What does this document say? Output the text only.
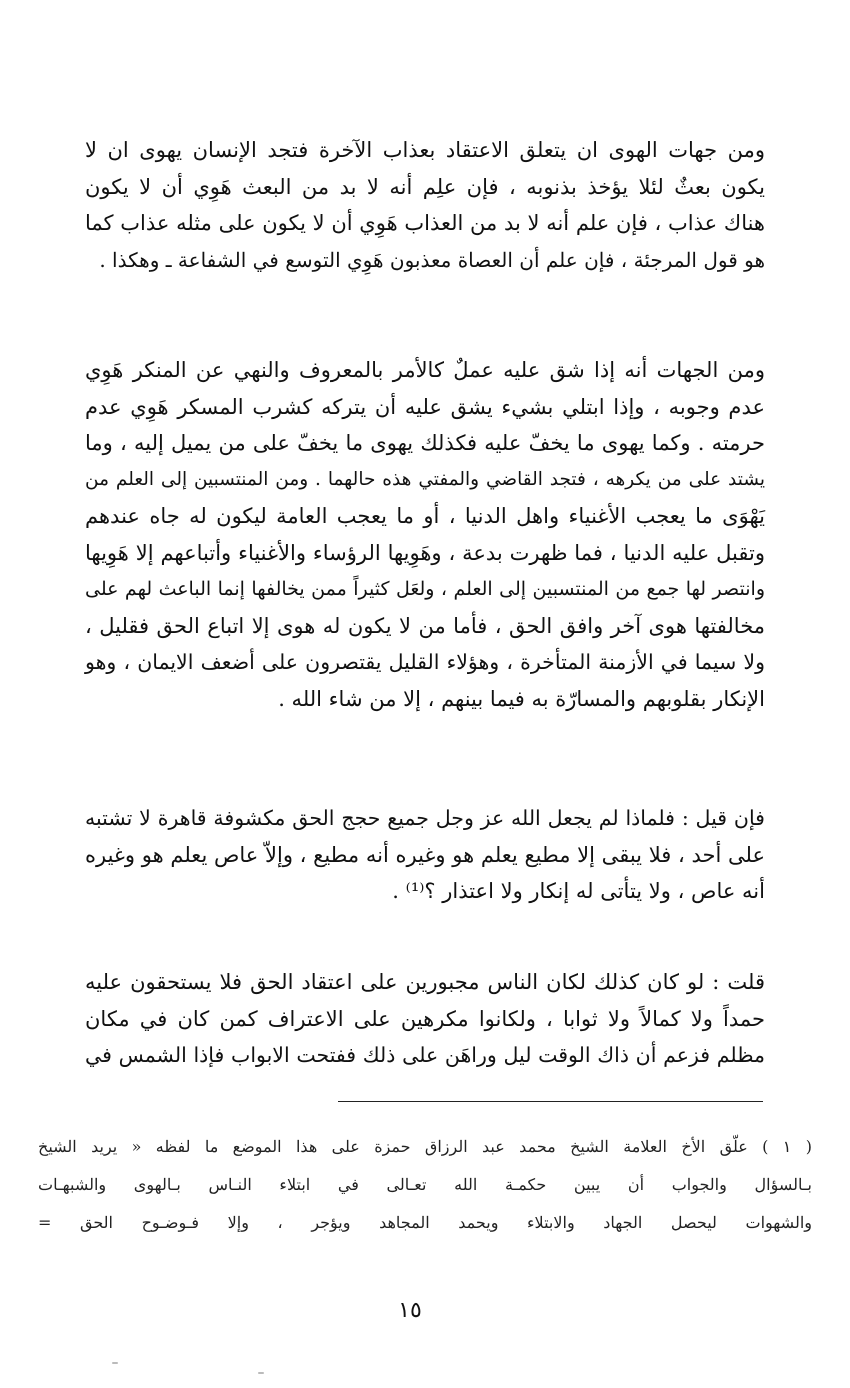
ومن جهات الهوى ان يتعلق الاعتقاد بعذاب الآخرة فتجد الإنسان يهوى ان لا
يكون بعثٌ لئلا يؤخذ بذنوبه ، فإن علِم أنه لا بد من البعث هَوِي أن لا يكون
هناك عذاب ، فإن علم أنه لا بد من العذاب هَوِي أن لا يكون على مثله عذاب كما
هو قول المرجئة ، فإن علم أن العصاة معذبون هَوِي التوسع في الشفاعة ـ وهكذا .
ومن الجهات أنه إذا شق عليه عملٌ كالأمر بالمعروف والنهي عن المنكر هَوِي
عدم وجوبه ، وإذا ابتلي بشيء يشق عليه أن يتركه كشرب المسكر هَوِي عدم
حرمته . وكما يهوى ما يخفّ عليه فكذلك يهوى ما يخفّ على من يميل إليه ، وما
يشتد على من يكرهه ، فتجد القاضي والمفتي هذه حالهما . ومن المنتسبين إلى العلم من
يَهْوَى ما يعجب الأغنياء واهل الدنيا ، أو ما يعجب العامة ليكون له جاه عندهم
وتقبل عليه الدنيا ، فما ظهرت بدعة ، وهَوِيها الرؤساء والأغنياء وأتباعهم إلا هَوِيها
وانتصر لها جمع من المنتسبين إلى العلم ، ولعَل كثيراً ممن يخالفها إنما الباعث لهم على
مخالفتها هوى آخر وافق الحق ، فأما من لا يكون له هوى إلا اتباع الحق فقليل ،
ولا سيما في الأزمنة المتأخرة ، وهؤلاء القليل يقتصرون على أضعف الايمان ، وهو
الإنكار بقلوبهم والمسارّة به فيما بينهم ، إلا من شاء الله .
فإن قيل : فلماذا لم يجعل الله عز وجل جميع حجج الحق مكشوفة قاهرة لا تشتبه
على أحد ، فلا يبقى إلا مطيع يعلم هو وغيره أنه مطيع ، وإلاّ عاص يعلم هو وغيره
أنه عاص ، ولا يتأتى له إنكار ولا اعتذار ؟⁽¹⁾ .
قلت : لو كان كذلك لكان الناس مجبورين على اعتقاد الحق فلا يستحقون عليه
حمداً ولا كمالاً ولا ثوابا ، ولكانوا مكرهين على الاعتراف كمن كان في مكان
مظلم فزعم أن ذاك الوقت ليل وراهَن على ذلك ففتحت الابواب فإذا الشمس في
( ١ ) علّق الأخ العلامة الشيخ محمد عبد الرزاق حمزة على هذا الموضع ما لفظه « يريد الشيخ
بـالسؤال والجواب أن يبين حكمـة الله تعـالى في ابتلاء النـاس بـالهوى والشبهـات
والشهوات ليحصل الجهاد والابتلاء ويحمد المجاهد ويؤجر ، وإلا فـوضـوح الحق =
١٥
